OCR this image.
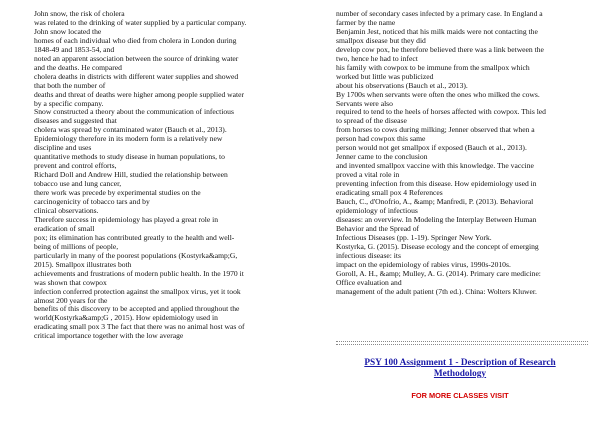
John snow, the risk of cholera
was related to the drinking of water supplied by a particular company.
John snow located the
homes of each individual who died from cholera in London during
1848-49 and 1853-54, and
noted an apparent association between the source of drinking water
and the deaths. He compared
cholera deaths in districts with different water supplies and showed
that both the number of
deaths and threat of deaths were higher among people supplied water
by a specific company.
Snow constructed a theory about the communication of infectious
diseases and suggested that
cholera was spread by contaminated water (Bauch et al., 2013).
Epidemiology therefore in its modern form is a relatively new
discipline and uses
quantitative methods to study disease in human populations, to
prevent and control efforts,
Richard Doll and Andrew Hill, studied the relationship between
tobacco use and lung cancer,
there work was precede by experimental studies on the
carcinogenicity of tobacco tars and by
clinical observations.
Therefore success in epidemiology has played a great role in
eradication of small
pox; its elimination has contributed greatly to the health and well-
being of millions of people,
particularly in many of the poorest populations (Kostyrka&amp;G,
2015). Smallpox illustrates both
achievements and frustrations of modern public health. In the 1970 it
was shown that cowpox
infection conferred protection against the smallpox virus, yet it took
almost 200 years for the
benefits of this discovery to be accepted and applied throughout the
world(Kostyrka&amp;G , 2015). How epidemiology used in
eradicating small pox 3 The fact that there was no animal host was of
critical importance together with the low average
number of secondary cases infected by a primary case. In England a
farmer by the name
Benjamin Jest, noticed that his milk maids were not contacting the
smallpox disease but they did
develop cow pox, he therefore believed there was a link between the
two, hence he had to infect
his family with cowpox to be immune from the smallpox which
worked but little was publicized
about his observations (Bauch et al., 2013).
By 1700s when servants were often the ones who milked the cows.
Servants were also
required to tend to the heels of horses affected with cowpox. This led
to spread of the disease
from horses to cows during milking; Jenner observed that when a
person had cowpox this same
person would not get smallpox if exposed (Bauch et al., 2013).
Jenner came to the conclusion
and invented smallpox vaccine with this knowledge. The vaccine
proved a vital role in
preventing infection from this disease. How epidemiology used in
eradicating small pox 4 References
Bauch, C., d'Onofrio, A., &amp; Manfredi, P. (2013). Behavioral
epidemiology of infectious
diseases: an overview. In Modeling the Interplay Between Human
Behavior and the Spread of
Infectious Diseases (pp. 1-19). Springer New York.
Kostyrka, G. (2015). Disease ecology and the concept of emerging
infectious disease: its
impact on the epidemiology of rabies virus, 1990s-2010s.
Goroll, A. H., &amp; Mulley, A. G. (2014). Primary care medicine:
Office evaluation and
management of the adult patient (7th ed.). China: Wolters Kluwer.
PSY 100 Assignment 1 - Description of Research
Methodology
FOR MORE CLASSES VISIT
